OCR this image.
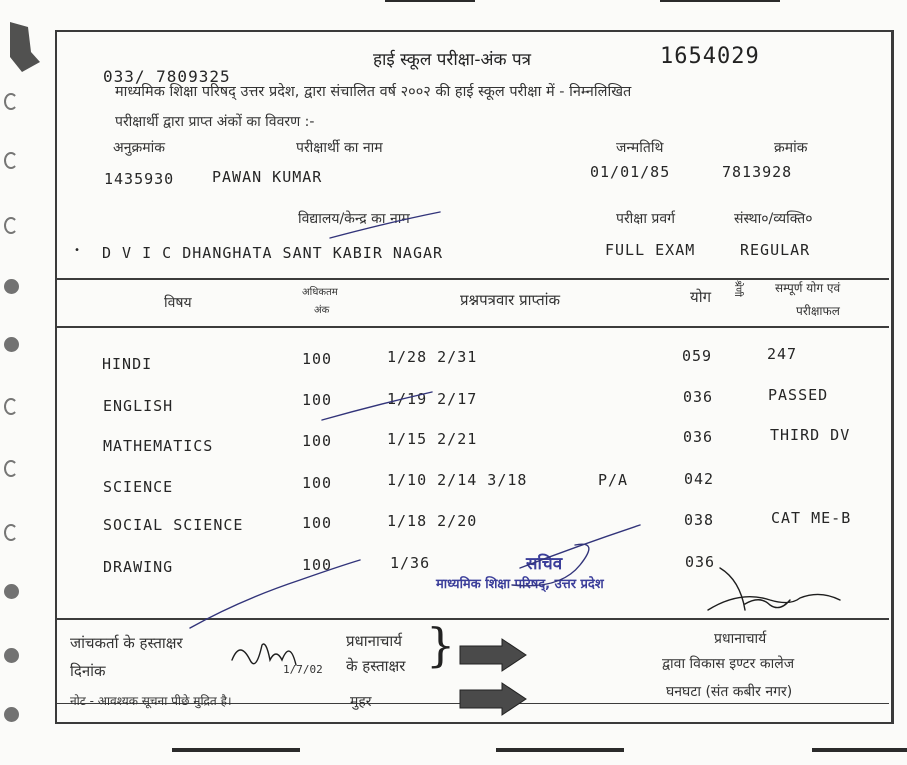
हाई स्कूल परीक्षा-अंक पत्र	1654029
033/ 7809325
माध्यमिक शिक्षा परिषद् उत्तर प्रदेश, द्वारा संचालित वर्ष २००२ की हाई स्कूल परीक्षा में - निम्नलिखित
परीक्षार्थी द्वारा प्राप्त अंकों का विवरण :-
अनुक्रमांक	परीक्षार्थी का नाम	जन्मतिथि	क्रमांक
1435930	PAWAN KUMAR	01/01/85	7813928
विद्यालय/केन्द्र का नाम	परीक्षा प्रवर्ग	संस्था०/व्यक्ति०
• D V I C DHANGHATA SANT KABIR NAGAR	FULL EXAM	REGULAR
विषय
अधिकतम
अंक
प्रश्नपत्रवार प्राप्तांक	योग श्रेणी	सम्पूर्ण योग एवं
परीक्षाफल
HINDI	100	1/28 2/31	059	247
ENGLISH	100	1/19 2/17	036	PASSED
MATHEMATICS	100	1/15 2/21	036	THIRD DV
SCIENCE	100	1/10 2/14 3/18	P/A	042
SOCIAL SCIENCE	100	1/18 2/20	038	CAT ME-B
DRAWING	100	1/36	036
सचिव
माध्यमिक शिक्षा परिषद्, उत्तर प्रदेश
जांचकर्ता के हस्ताक्षर
दिनांक	1/7/02
प्रधानाचार्य
के हस्ताक्षर }
नोट - आवश्यक सूचना पीछे मुद्रित है।	मुहर
प्रधानाचार्य
द्वावा विकास इण्टर कालेज
घनघटा (संत कबीर नगर)
